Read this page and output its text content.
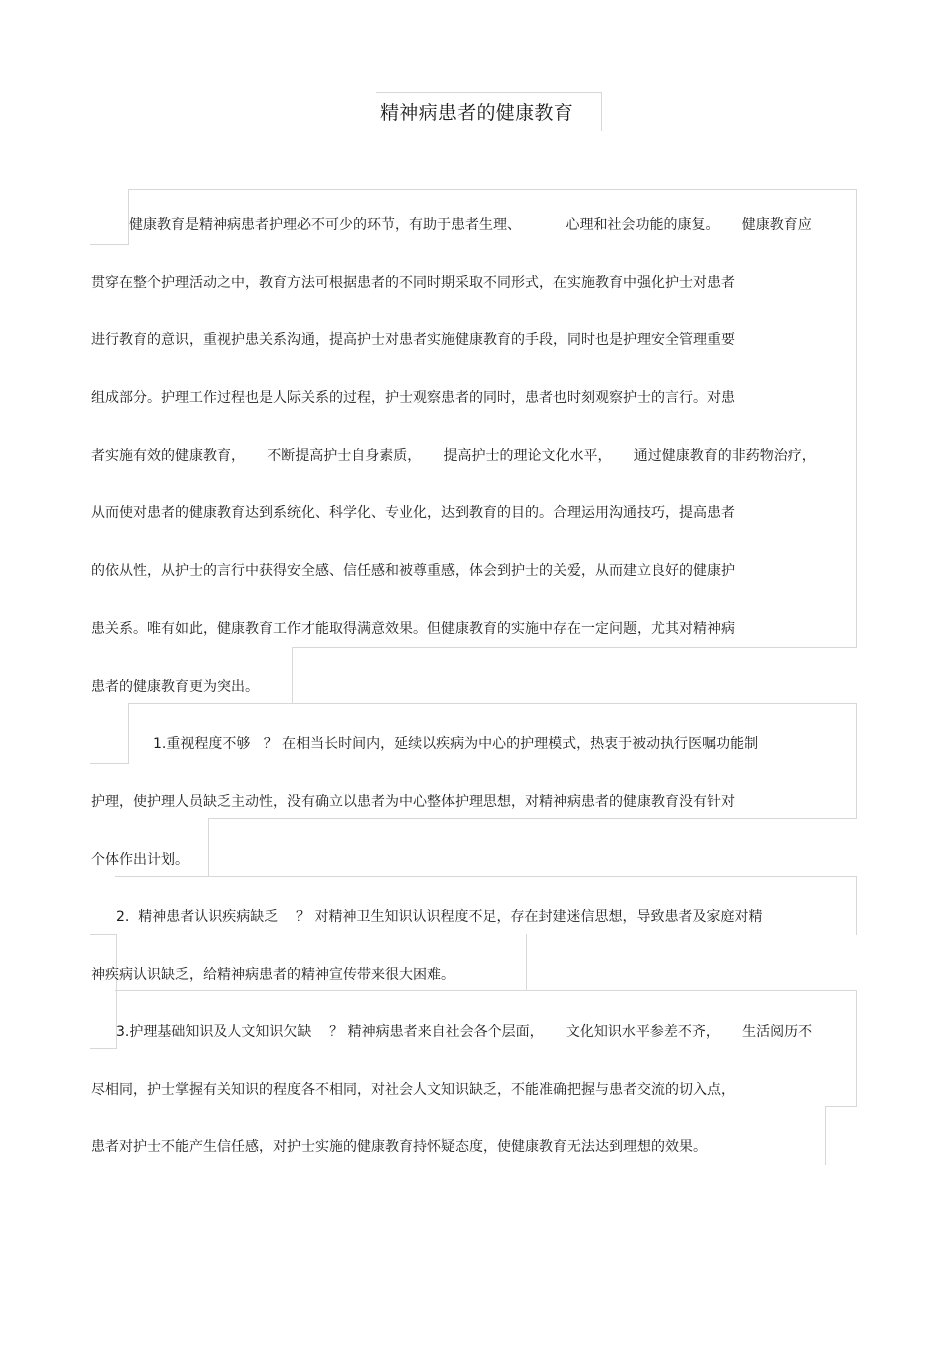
精神病患者的健康教育
健康教育是精神病患者护理必不可少的环节，有助于患者生理、          心理和社会功能的康复。     健康教育应
贯穿在整个护理活动之中，教育方法可根据患者的不同时期采取不同形式，在实施教育中强化护士对患者
进行教育的意识，重视护患关系沟通，提高护士对患者实施健康教育的手段，同时也是护理安全管理重要
组成部分。护理工作过程也是人际关系的过程，护士观察患者的同时，患者也时刻观察护士的言行。对患
者实施有效的健康教育，     不断提高护士自身素质，     提高护士的理论文化水平，     通过健康教育的非药物治疗，
从而使对患者的健康教育达到系统化、科学化、专业化，达到教育的目的。合理运用沟通技巧，提高患者
的依从性，从护士的言行中获得安全感、信任感和被尊重感，体会到护士的关爱，从而建立良好的健康护
患关系。唯有如此，健康教育工作才能取得满意效果。但健康教育的实施中存在一定问题，尤其对精神病
患者的健康教育更为突出。
1.重视程度不够   ？ 在相当长时间内，延续以疾病为中心的护理模式，热衷于被动执行医嘱功能制
护理，使护理人员缺乏主动性，没有确立以患者为中心整体护理思想，对精神病患者的健康教育没有针对
个体作出计划。
2.  精神患者认识疾病缺乏    ？ 对精神卫生知识认识程度不足，存在封建迷信思想，导致患者及家庭对精
神疾病认识缺乏，给精神病患者的精神宣传带来很大困难。
3.护理基础知识及人文知识欠缺    ？ 精神病患者来自社会各个层面，     文化知识水平参差不齐，     生活阅历不
尽相同，护士掌握有关知识的程度各不相同，对社会人文知识缺乏，不能准确把握与患者交流的切入点，
患者对护士不能产生信任感，对护士实施的健康教育持怀疑态度，使健康教育无法达到理想的效果。
